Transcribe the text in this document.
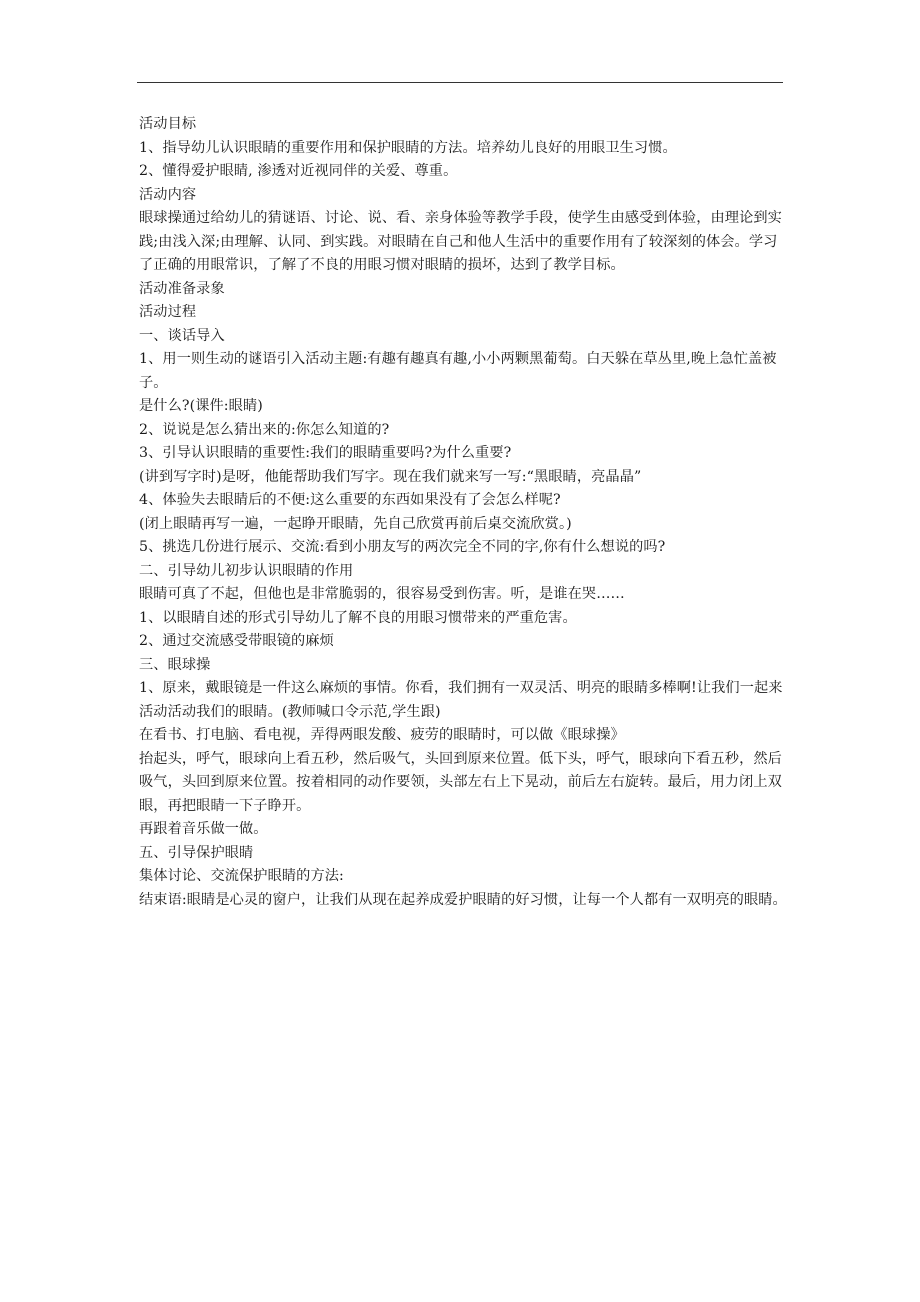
活动目标

1、指导幼儿认识眼睛的重要作用和保护眼睛的方法。培养幼儿良好的用眼卫生习惯。

2、懂得爱护眼睛, 渗透对近视同伴的关爱、尊重。

活动内容

眼球操通过给幼儿的猜谜语、讨论、说、看、亲身体验等教学手段，使学生由感受到体验，由理论到实践;由浅入深;由理解、认同、到实践。对眼睛在自己和他人生活中的重要作用有了较深刻的体会。学习了正确的用眼常识，了解了不良的用眼习惯对眼睛的损坏，达到了教学目标。

活动准备录象

活动过程

一、谈话导入

1、用一则生动的谜语引入活动主题:有趣有趣真有趣,小小两颗黑葡萄。白天躲在草丛里,晚上急忙盖被子。

是什么?(课件:眼睛)

2、说说是怎么猜出来的:你怎么知道的?

3、引导认识眼睛的重要性:我们的眼睛重要吗?为什么重要?

(讲到写字时)是呀，他能帮助我们写字。现在我们就来写一写:“黑眼睛，亮晶晶”

4、体验失去眼睛后的不便:这么重要的东西如果没有了会怎么样呢?

(闭上眼睛再写一遍，一起睁开眼睛，先自己欣赏再前后桌交流欣赏。)

5、挑选几份进行展示、交流:看到小朋友写的两次完全不同的字,你有什么想说的吗?

二、引导幼儿初步认识眼睛的作用

眼睛可真了不起，但他也是非常脆弱的，很容易受到伤害。听，是谁在哭……

1、以眼睛自述的形式引导幼儿了解不良的用眼习惯带来的严重危害。

2、通过交流感受带眼镜的麻烦

三、眼球操

1、原来，戴眼镜是一件这么麻烦的事情。你看，我们拥有一双灵活、明亮的眼睛多棒啊!让我们一起来活动活动我们的眼睛。(教师喊口令示范,学生跟)

在看书、打电脑、看电视，弄得两眼发酸、疲劳的眼睛时，可以做《眼球操》

抬起头，呼气，眼球向上看五秒，然后吸气，头回到原来位置。低下头，呼气，眼球向下看五秒，然后吸气，头回到原来位置。按着相同的动作要领，头部左右上下晃动，前后左右旋转。最后，用力闭上双眼，再把眼睛一下子睁开。

再跟着音乐做一做。

五、引导保护眼睛

集体讨论、交流保护眼睛的方法:

结束语:眼睛是心灵的窗户，让我们从现在起养成爱护眼睛的好习惯，让每一个人都有一双明亮的眼睛。
